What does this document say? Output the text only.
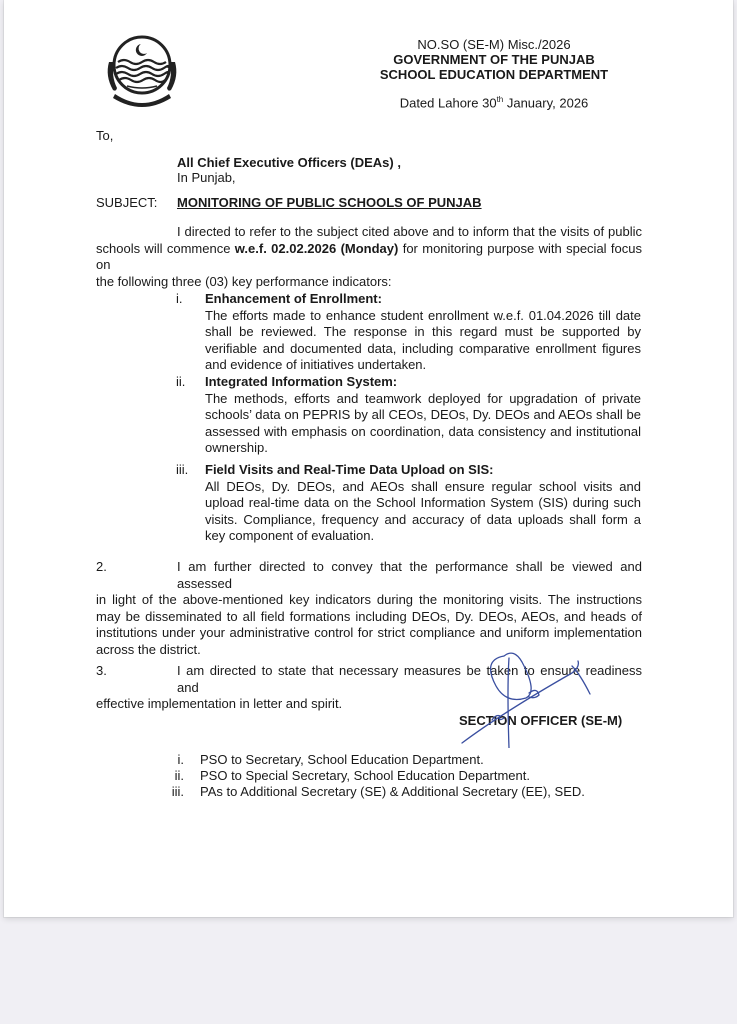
NO.SO (SE-M) Misc./2026
GOVERNMENT OF THE PUNJAB
SCHOOL EDUCATION DEPARTMENT
Dated Lahore 30th January, 2026
To,
All Chief Executive Officers (DEAs) ,
In Punjab,
SUBJECT: MONITORING OF PUBLIC SCHOOLS OF PUNJAB
I directed to refer to the subject cited above and to inform that the visits of public
schools will commence w.e.f. 02.02.2026 (Monday) for monitoring purpose with special focus on
the following three (03) key performance indicators:
i. Enhancement of Enrollment:
The efforts made to enhance student enrollment w.e.f. 01.04.2026 till date shall be reviewed. The response in this regard must be supported by verifiable and documented data, including comparative enrollment figures and evidence of initiatives undertaken.
ii. Integrated Information System:
The methods, efforts and teamwork deployed for upgradation of private schools’ data on PEPRIS by all CEOs, DEOs, Dy. DEOs and AEOs shall be assessed with emphasis on coordination, data consistency and institutional ownership.
iii. Field Visits and Real-Time Data Upload on SIS:
All DEOs, Dy. DEOs, and AEOs shall ensure regular school visits and upload real-time data on the School Information System (SIS) during such visits. Compliance, frequency and accuracy of data uploads shall form a key component of evaluation.
2.	I am further directed to convey that the performance shall be viewed and assessed
in light of the above-mentioned key indicators during the monitoring visits. The instructions may be disseminated to all field formations including DEOs, Dy. DEOs, AEOs, and heads of institutions under your administrative control for strict compliance and uniform implementation across the district.
3.	I am directed to state that necessary measures be taken to ensure readiness and
effective implementation in letter and spirit.
SECTION OFFICER (SE-M)
i. PSO to Secretary, School Education Department.
ii. PSO to Special Secretary, School Education Department.
iii. PAs to Additional Secretary (SE) & Additional Secretary (EE), SED.
